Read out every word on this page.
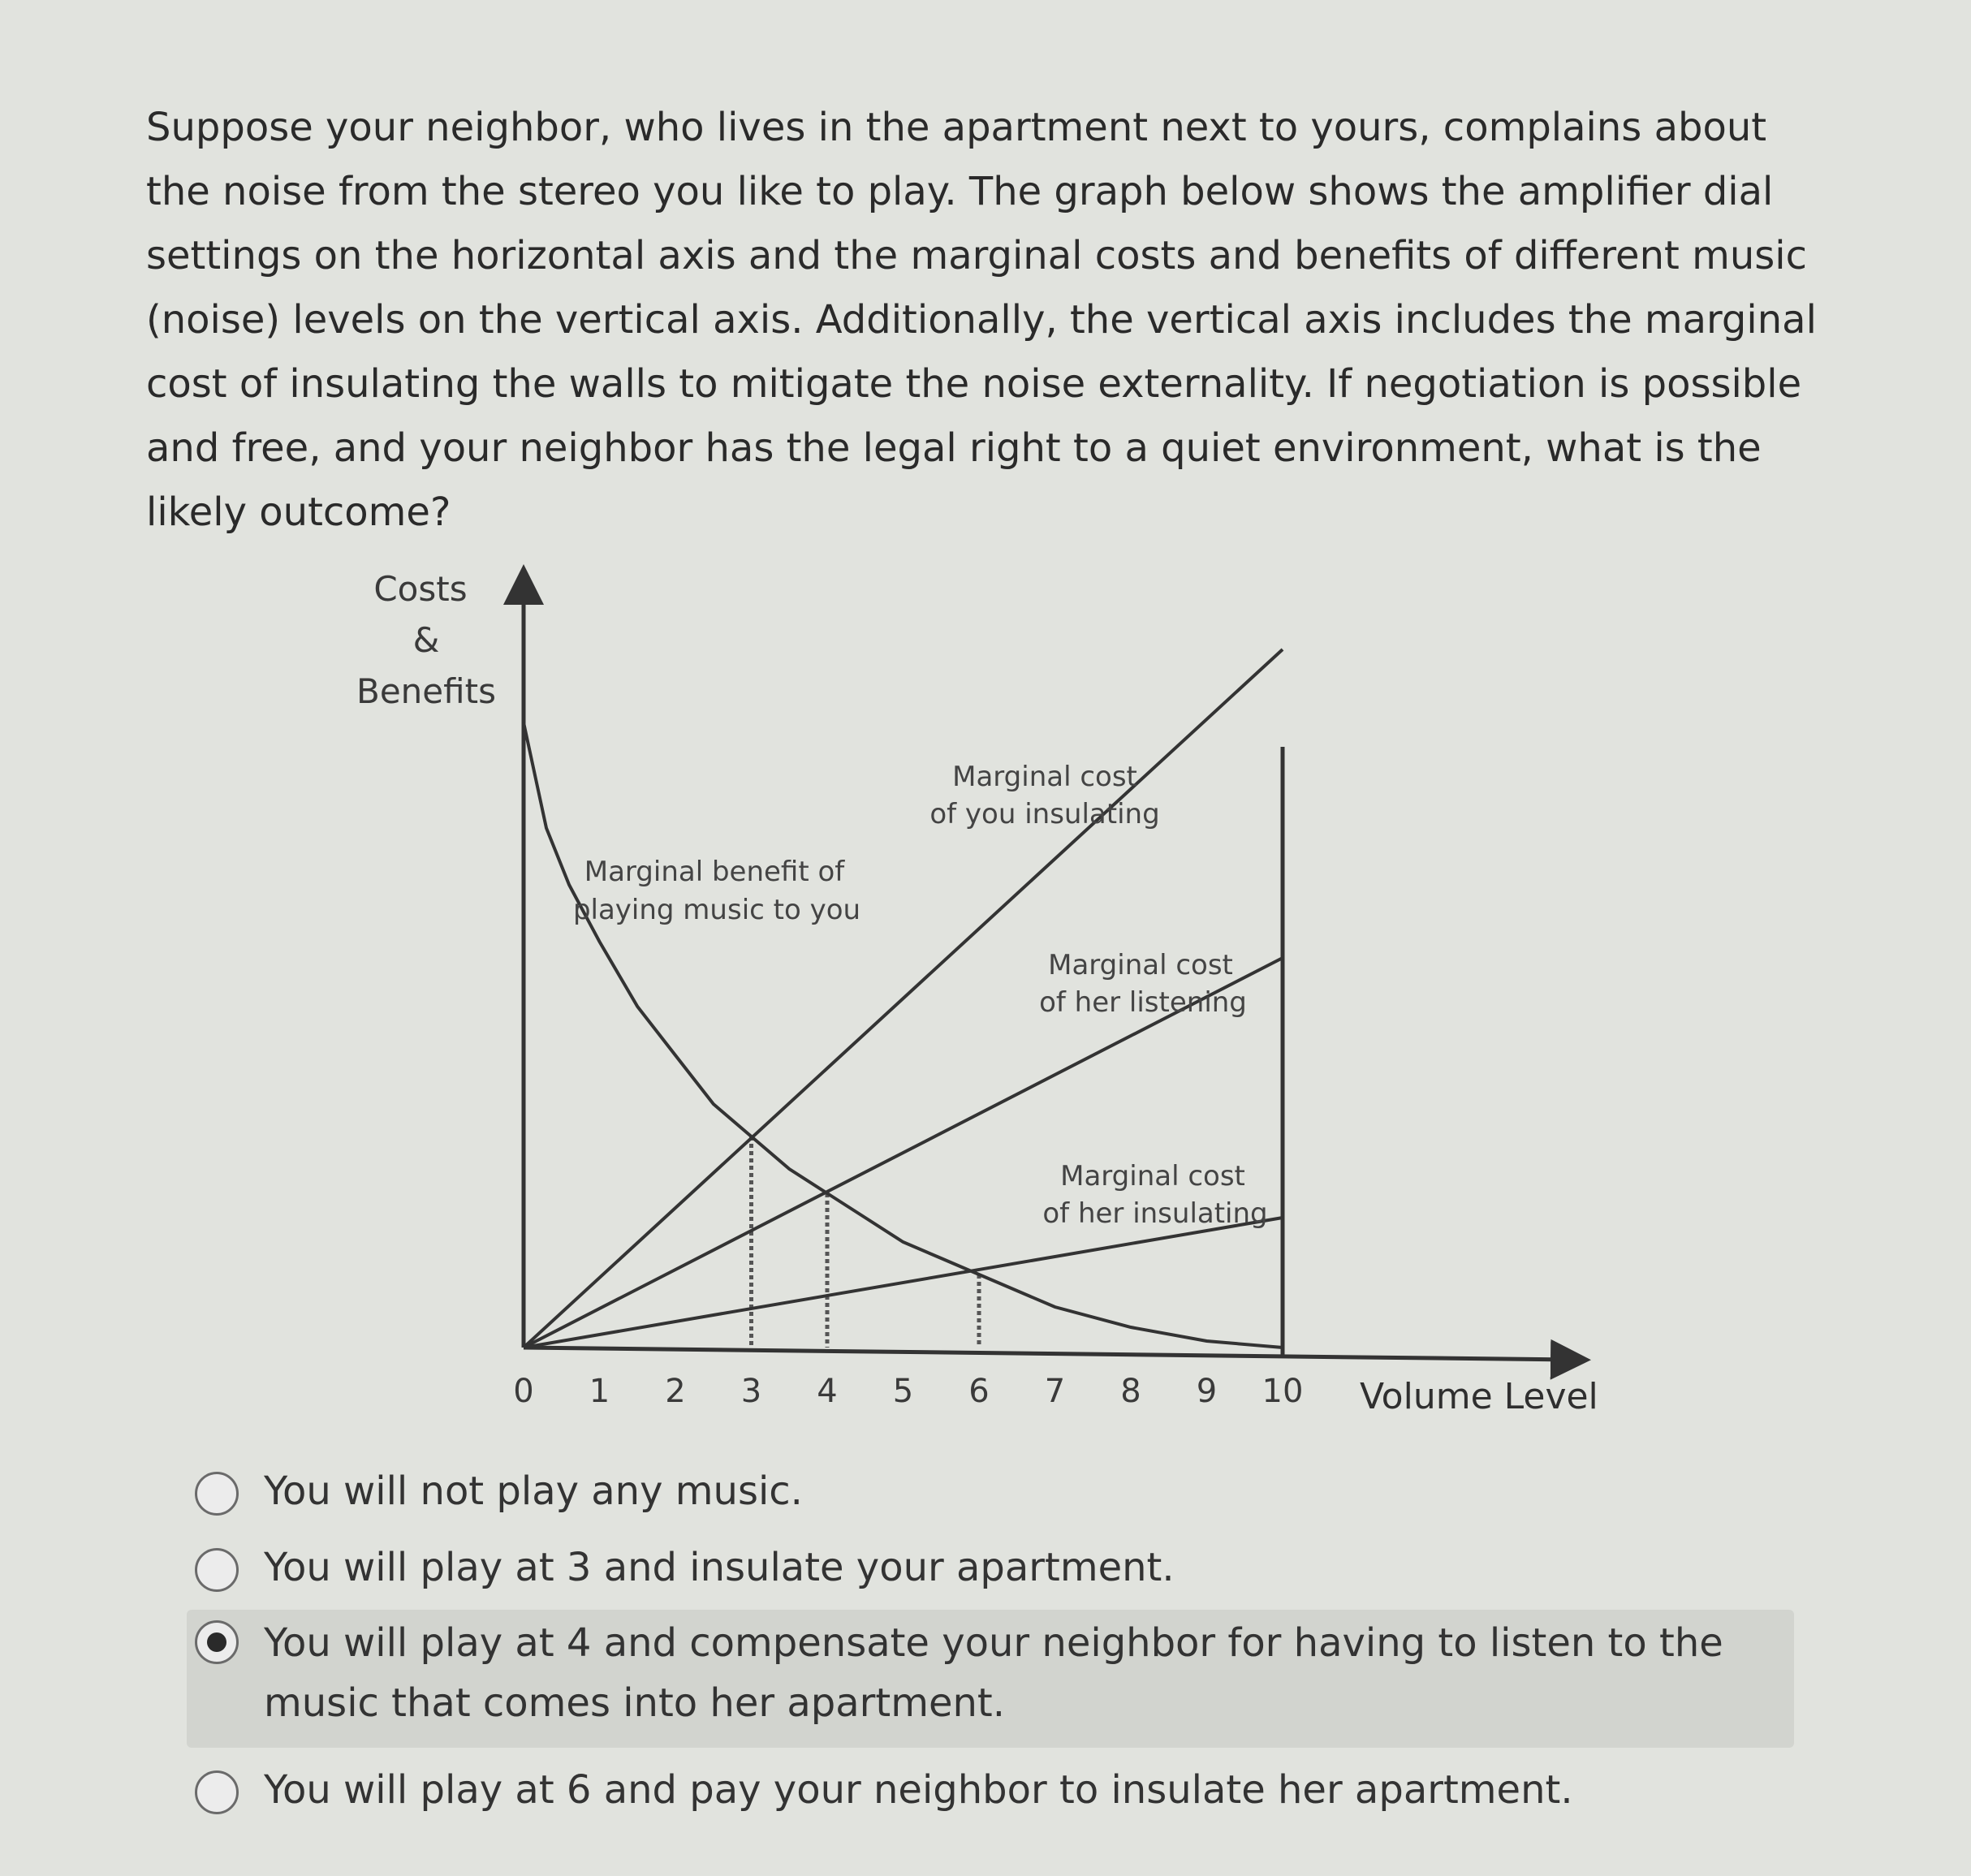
Suppose your neighbor, who lives in the apartment next to yours, complains about the noise from the stereo you like to play. The graph below shows the amplifier dial settings on the horizontal axis and the marginal costs and benefits of different music (noise) levels on the vertical axis. Additionally, the vertical axis includes the marginal cost of insulating the walls to mitigate the noise externality. If negotiation is possible and free, and your neighbor has the legal right to a quiet environment, what is the likely outcome?

Costs
&
Benefits
Marginal benefit of
playing music to you
Marginal cost
of you insulating
Marginal cost
of her listening
Marginal cost
of her insulating
0 1 2 3 4 5 6 7 8 9 10 Volume Level
You will not play any music.
You will play at 3 and insulate your apartment.
You will play at 4 and compensate your neighbor for having to listen to the music that comes into her apartment.
You will play at 6 and pay your neighbor to insulate her apartment.
